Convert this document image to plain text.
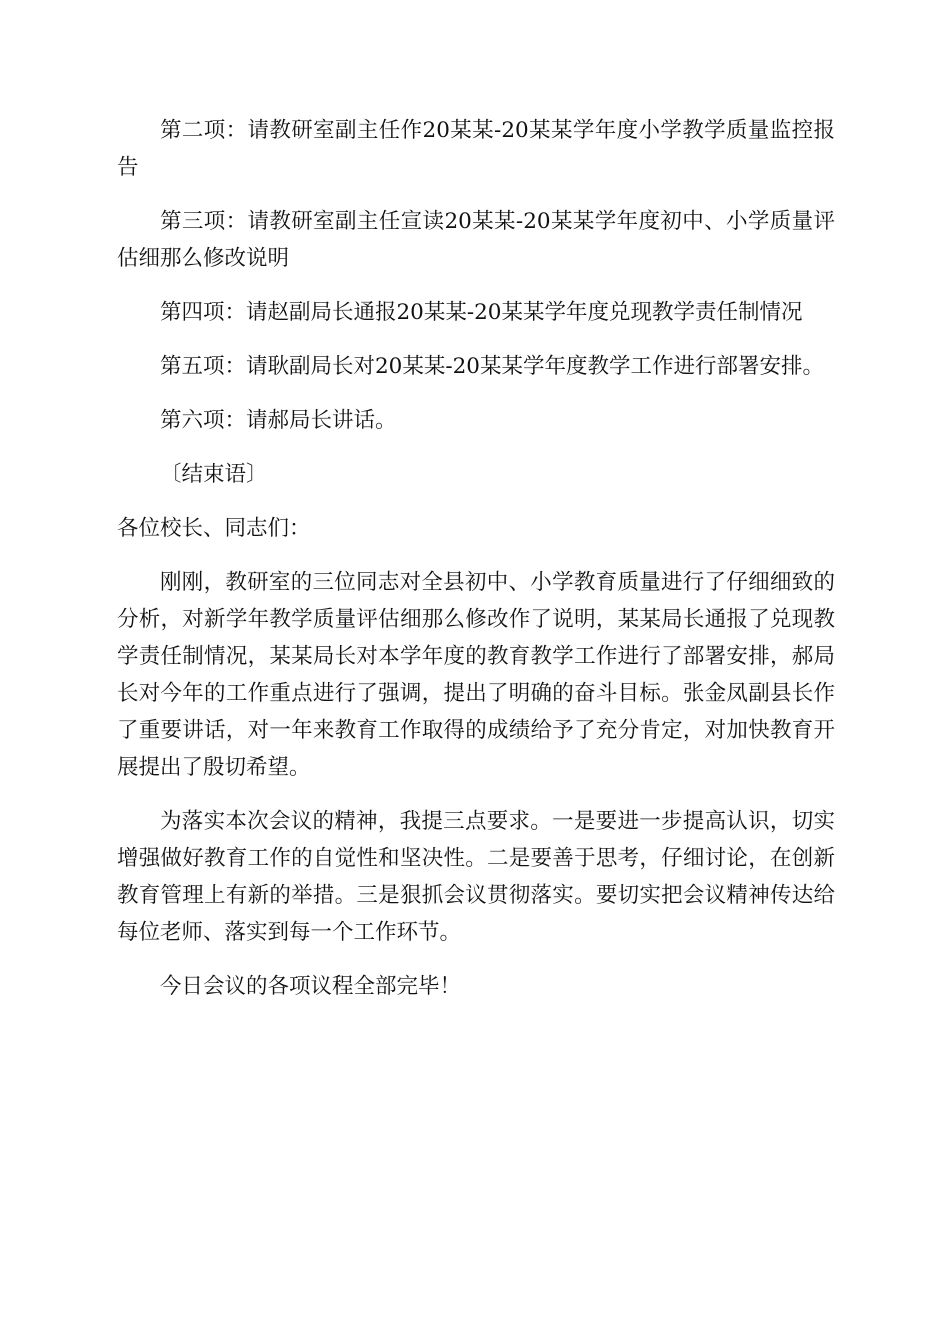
第二项：请教研室副主任作20某某-20某某学年度小学教学质量监控报告

第三项：请教研室副主任宣读20某某-20某某学年度初中、小学质量评估细那么修改说明

第四项：请赵副局长通报20某某-20某某学年度兑现教学责任制情况

第五项：请耿副局长对20某某-20某某学年度教学工作进行部署安排。

第六项：请郝局长讲话。

〔结束语〕

各位校长、同志们：

刚刚，教研室的三位同志对全县初中、小学教育质量进行了仔细细致的分析，对新学年教学质量评估细那么修改作了说明，某某局长通报了兑现教学责任制情况，某某局长对本学年度的教育教学工作进行了部署安排，郝局长对今年的工作重点进行了强调，提出了明确的奋斗目标。张金凤副县长作了重要讲话，对一年来教育工作取得的成绩给予了充分肯定，对加快教育开展提出了殷切希望。

为落实本次会议的精神，我提三点要求。一是要进一步提高认识，切实增强做好教育工作的自觉性和坚决性。二是要善于思考，仔细讨论，在创新教育管理上有新的举措。三是狠抓会议贯彻落实。要切实把会议精神传达给每位老师、落实到每一个工作环节。

今日会议的各项议程全部完毕！
